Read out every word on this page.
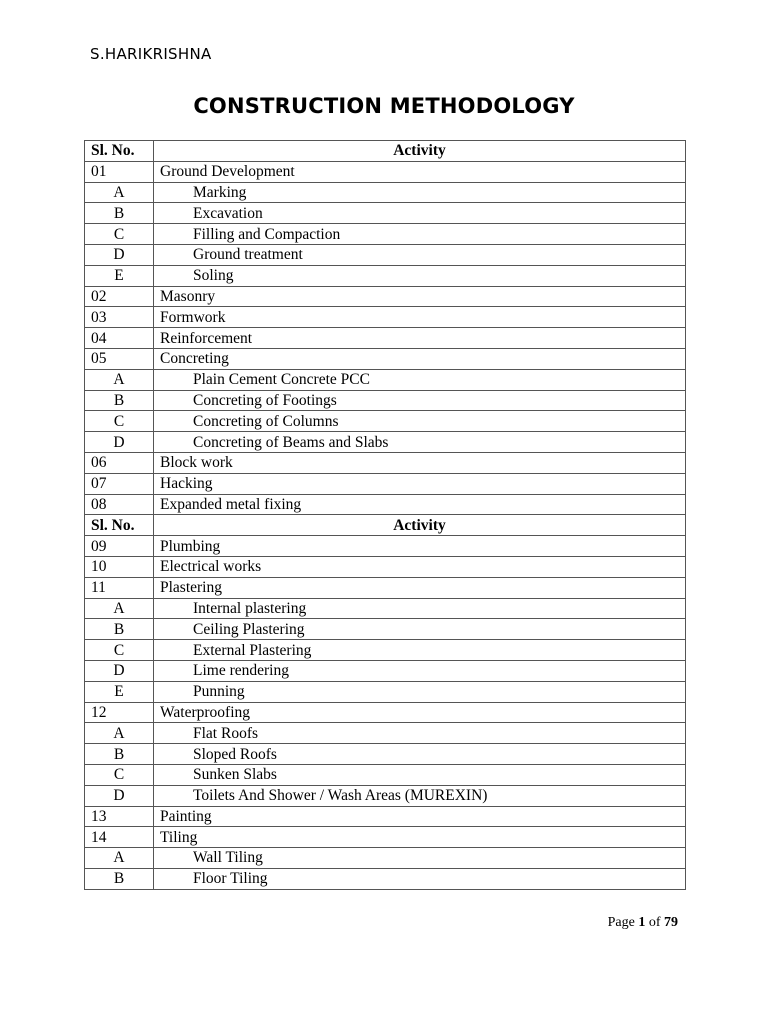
S.HARIKRISHNA
CONSTRUCTION METHODOLOGY
Sl. No.	Activity
01	Ground Development
A	Marking
B	Excavation
C	Filling and Compaction
D	Ground treatment
E	Soling
02	Masonry
03	Formwork
04	Reinforcement
05	Concreting
A	Plain Cement Concrete PCC
B	Concreting of Footings
C	Concreting of Columns
D	Concreting of Beams and Slabs
06	Block work
07	Hacking
08	Expanded metal fixing
Sl. No.	Activity
09	Plumbing
10	Electrical works
11	Plastering
A	Internal plastering
B	Ceiling Plastering
C	External Plastering
D	Lime rendering
E	Punning
12	Waterproofing
A	Flat Roofs
B	Sloped Roofs
C	Sunken Slabs
D	Toilets And Shower / Wash Areas (MUREXIN)
13	Painting
14	Tiling
A	Wall Tiling
B	Floor Tiling
Page 1 of 79
